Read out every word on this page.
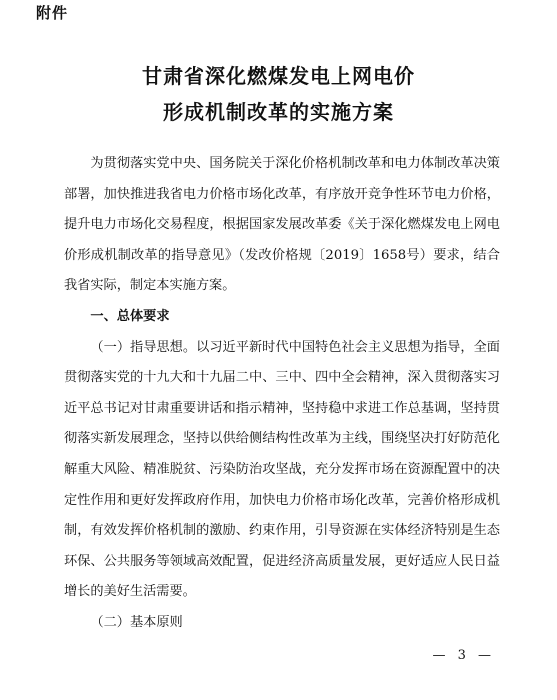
附件
甘肃省深化燃煤发电上网电价
形成机制改革的实施方案

为贯彻落实党中央、国务院关于深化价格机制改革和电力体制改革决策部署，加快推进我省电力价格市场化改革，有序放开竞争性环节电力价格，提升电力市场化交易程度，根据国家发展改革委《关于深化燃煤发电上网电价形成机制改革的指导意见》（发改价格规〔2019〕1658号）要求，结合我省实际，制定本实施方案。

一、总体要求

（一）指导思想。以习近平新时代中国特色社会主义思想为指导，全面贯彻落实党的十九大和十九届二中、三中、四中全会精神，深入贯彻落实习近平总书记对甘肃重要讲话和指示精神，坚持稳中求进工作总基调，坚持贯彻落实新发展理念，坚持以供给侧结构性改革为主线，围绕坚决打好防范化解重大风险、精准脱贫、污染防治攻坚战，充分发挥市场在资源配置中的决定性作用和更好发挥政府作用，加快电力价格市场化改革，完善价格形成机制，有效发挥价格机制的激励、约束作用，引导资源在实体经济特别是生态环保、公共服务等领域高效配置，促进经济高质量发展，更好适应人民日益增长的美好生活需要。

（二）基本原则

— 3 —
